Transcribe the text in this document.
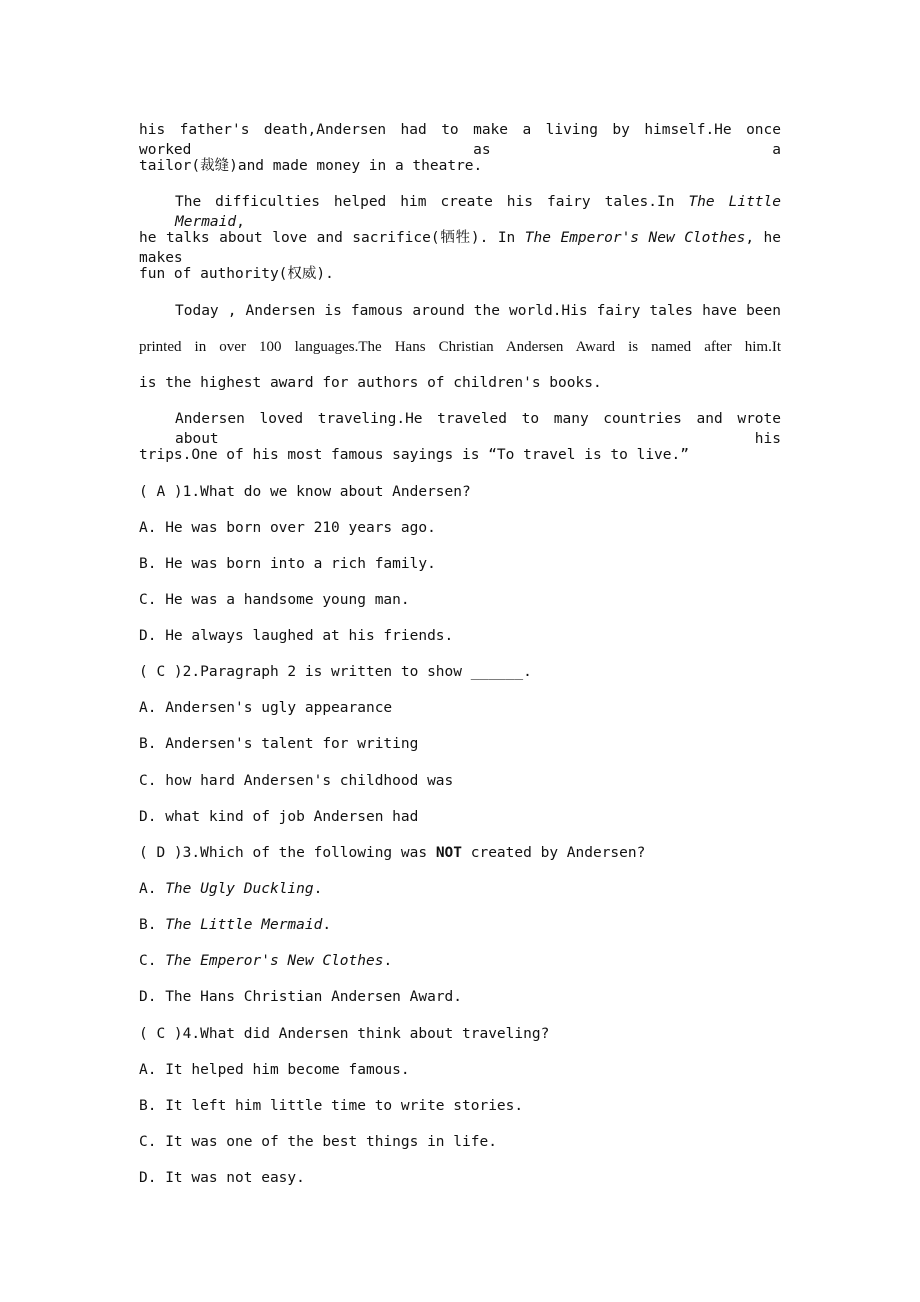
his father's death,Andersen had to make a living by himself.He once worked as a
tailor(裁缝)and made money in a theatre.
The difficulties helped him create his fairy tales.In The Little Mermaid,
he talks about love and sacrifice(牺牲). In The Emperor's New Clothes, he makes
fun of authority(权威).
Today , Andersen is famous around the world.His fairy tales have been
printed in over 100 languages.The Hans Christian Andersen Award is named after him.It
is the highest award for authors of children's books.
Andersen loved traveling.He traveled to many countries and wrote about his
trips.One of his most famous sayings is “To travel is to live.”
( A )1.What do we know about Andersen?
A. He was born over 210 years ago.
B. He was born into a rich family.
C. He was a handsome young man.
D. He always laughed at his friends.
( C )2.Paragraph 2 is written to show ______.
A. Andersen's ugly appearance
B. Andersen's talent for writing
C. how hard Andersen's childhood was
D. what kind of job Andersen had
( D )3.Which of the following was NOT created by Andersen?
A. The Ugly Duckling.
B. The Little Mermaid.
C. The Emperor's New Clothes.
D. The Hans Christian Andersen Award.
( C )4.What did Andersen think about traveling?
A. It helped him become famous.
B. It left him little time to write stories.
C. It was one of the best things in life.
D. It was not easy.
